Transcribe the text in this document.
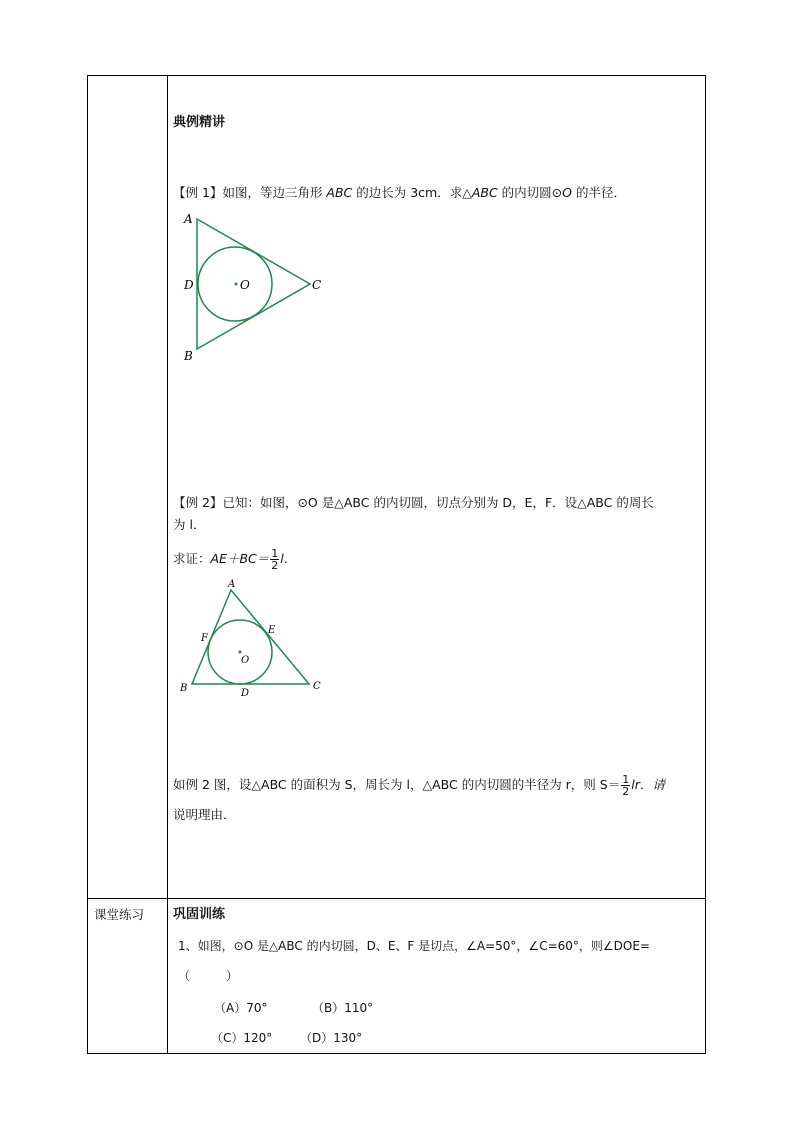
典例精讲
【例 1】如图，等边三角形 ABC 的边长为 3cm．求△ABC 的内切圆⊙O 的半径．
A
B
C
D	O
【例 2】已知：如图，⊙O 是△ABC 的内切圆，切点分别为 D，E，F．设△ABC 的周长
为 l．
求证：$AE+BC= \frac{1}{2}$ l．
A
B	C
D
E
F
O
如例 2 图，设△ABC 的面积为 S，周长为 l，△ABC 的内切圆的半径为 r，则 $S= \frac{1}{2}$ lr．请
说明理由．
课堂练习 巩固训练
1、如图，⊙O 是△ABC 的内切圆，D、E、F 是切点，∠A=50°，∠C=60°，则∠DOE=
（　　　）
（A）70°	（B）110°
（C）120° （D）130°
